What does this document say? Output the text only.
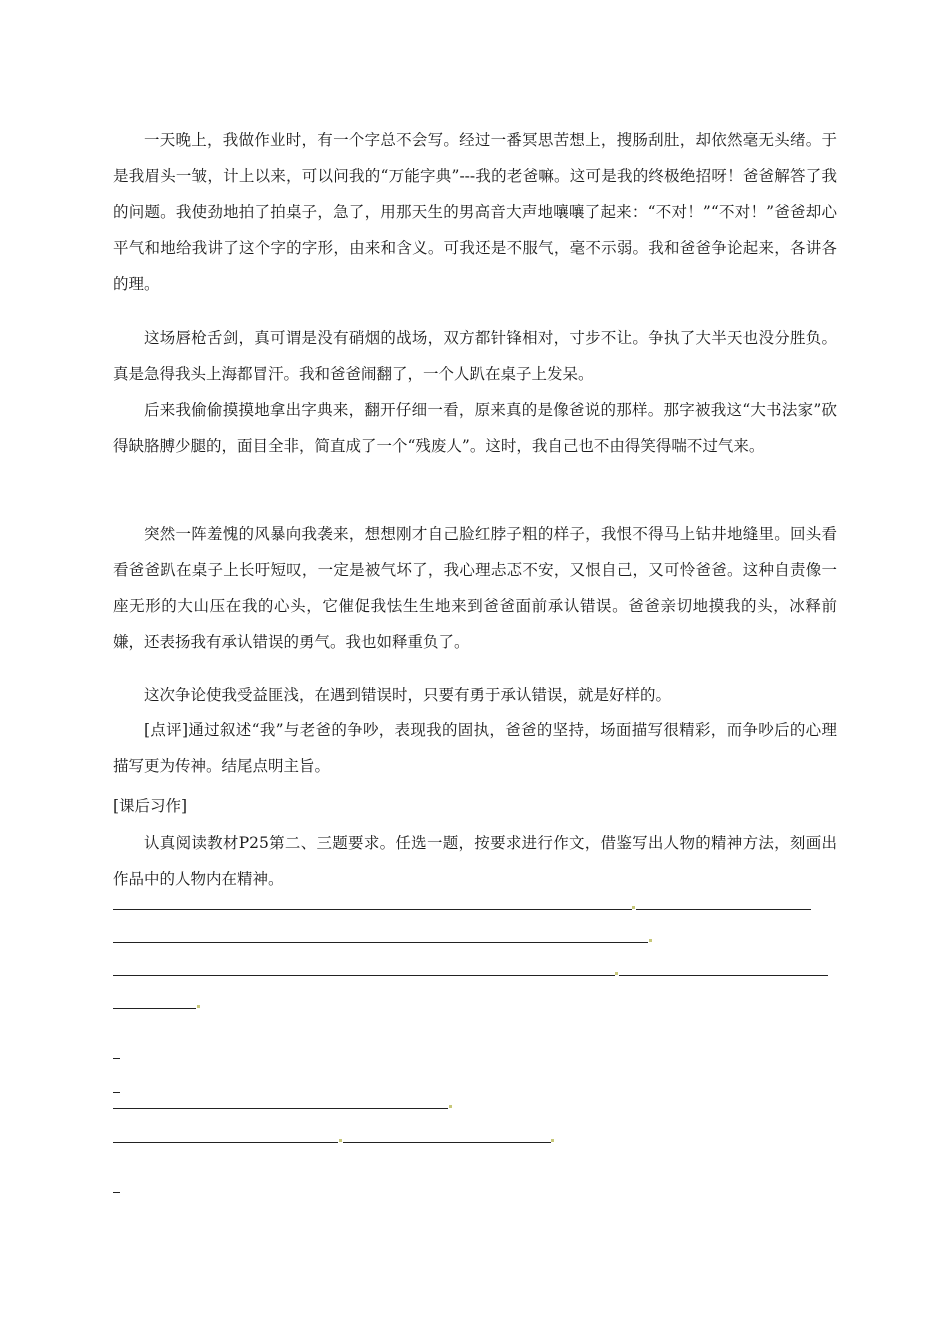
一天晚上，我做作业时，有一个字总不会写。经过一番冥思苦想上，搜肠刮肚，却依然毫无头绪。于是我眉头一皱，计上以来，可以问我的“万能字典”---我的老爸嘛。这可是我的终极绝招呀！爸爸解答了我的问题。我使劲地拍了拍桌子，急了，用那天生的男高音大声地嚷嚷了起来：“不对！”“不对！”爸爸却心平气和地给我讲了这个字的字形，由来和含义。可我还是不服气，毫不示弱。我和爸爸争论起来，各讲各的理。

这场唇枪舌剑，真可谓是没有硝烟的战场，双方都针锋相对，寸步不让。争执了大半天也没分胜负。真是急得我头上海都冒汗。我和爸爸闹翻了，一个人趴在桌子上发呆。

后来我偷偷摸摸地拿出字典来，翻开仔细一看，原来真的是像爸说的那样。那字被我这“大书法家”砍得缺胳膊少腿的，面目全非，简直成了一个“残废人”。这时，我自己也不由得笑得喘不过气来。

突然一阵羞愧的风暴向我袭来，想想刚才自己脸红脖子粗的样子，我恨不得马上钻井地缝里。回头看看爸爸趴在桌子上长吁短叹，一定是被气坏了，我心理忐忑不安，又恨自己，又可怜爸爸。这种自责像一座无形的大山压在我的心头，它催促我怯生生地来到爸爸面前承认错误。爸爸亲切地摸我的头，冰释前嫌，还表扬我有承认错误的勇气。我也如释重负了。

这次争论使我受益匪浅，在遇到错误时，只要有勇于承认错误，就是好样的。

[点评]通过叙述“我”与老爸的争吵，表现我的固执，爸爸的坚持，场面描写很精彩，而争吵后的心理描写更为传神。结尾点明主旨。

[课后习作]

认真阅读教材P25第二、三题要求。任选一题，按要求进行作文，借鉴写出人物的精神方法，刻画出作品中的人物内在精神。
